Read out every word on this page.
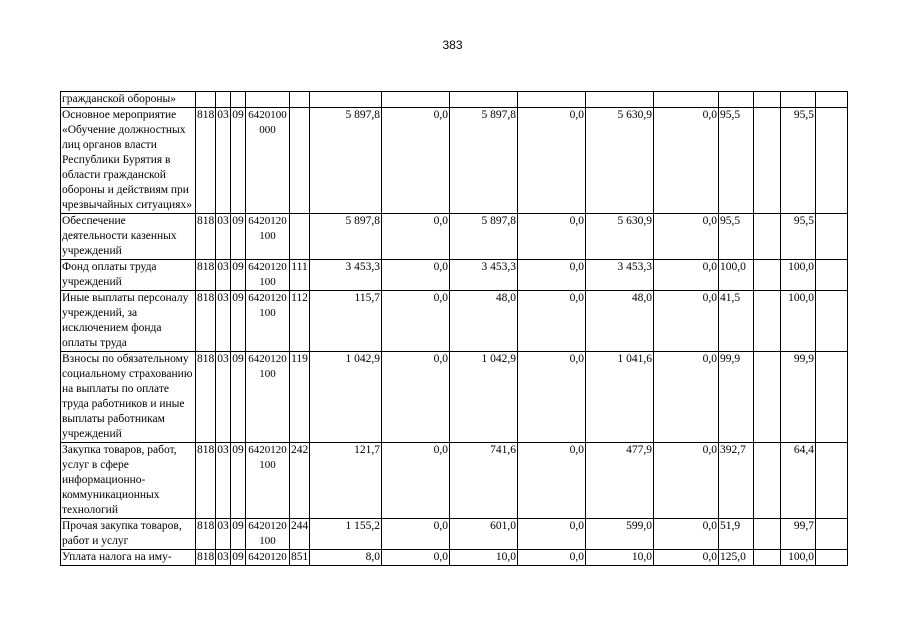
383
гражданской обороны»															
Основное мероприятие «Обучение должностных лиц органов власти Республики Бурятия в области гражданской обороны и действиям при чрезвычайных ситуациях»	818	03	09	6420100000		5 897,8	0,0	5 897,8	0,0	5 630,9	0,0	95,5		95,5	
Обеспечение деятельности казенных учреждений	818	03	09	6420120100		5 897,8	0,0	5 897,8	0,0	5 630,9	0,0	95,5		95,5	
Фонд оплаты труда учреждений	818	03	09	6420120100	111	3 453,3	0,0	3 453,3	0,0	3 453,3	0,0	100,0		100,0	
Иные выплаты персоналу учреждений, за исключением фонда оплаты труда	818	03	09	6420120100	112	115,7	0,0	48,0	0,0	48,0	0,0	41,5		100,0	
Взносы по обязательному социальному страхованию на выплаты по оплате труда работников и иные выплаты работникам учреждений	818	03	09	6420120100	119	1 042,9	0,0	1 042,9	0,0	1 041,6	0,0	99,9		99,9	
Закупка товаров, работ, услуг в сфере информационно-коммуникационных технологий	818	03	09	6420120100	242	121,7	0,0	741,6	0,0	477,9	0,0	392,7		64,4	
Прочая закупка товаров, работ и услуг	818	03	09	6420120100	244	1 155,2	0,0	601,0	0,0	599,0	0,0	51,9		99,7	
Уплата налога на иму-	818	03	09	6420120	851	8,0	0,0	10,0	0,0	10,0	0,0	125,0		100,0	
